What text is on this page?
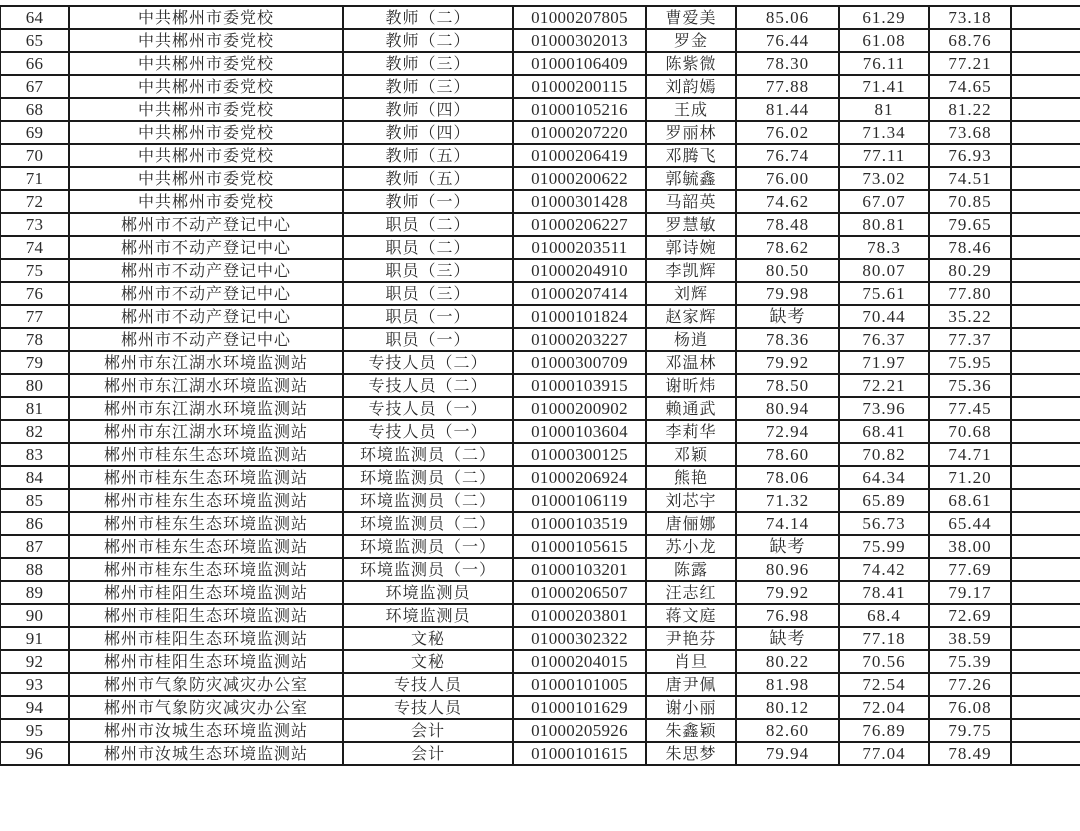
64	中共郴州市委党校	教师（二）	01000207805	曹爱美	85.06	61.29	73.18	
65	中共郴州市委党校	教师（二）	01000302013	罗金	76.44	61.08	68.76	
66	中共郴州市委党校	教师（三）	01000106409	陈紫微	78.30	76.11	77.21	
67	中共郴州市委党校	教师（三）	01000200115	刘韵嫣	77.88	71.41	74.65	
68	中共郴州市委党校	教师（四）	01000105216	王成	81.44	81	81.22	
69	中共郴州市委党校	教师（四）	01000207220	罗丽林	76.02	71.34	73.68	
70	中共郴州市委党校	教师（五）	01000206419	邓腾飞	76.74	77.11	76.93	
71	中共郴州市委党校	教师（五）	01000200622	郭毓鑫	76.00	73.02	74.51	
72	中共郴州市委党校	教师（一）	01000301428	马韶英	74.62	67.07	70.85	
73	郴州市不动产登记中心	职员（二）	01000206227	罗慧敏	78.48	80.81	79.65	
74	郴州市不动产登记中心	职员（二）	01000203511	郭诗婉	78.62	78.3	78.46	
75	郴州市不动产登记中心	职员（三）	01000204910	李凯辉	80.50	80.07	80.29	
76	郴州市不动产登记中心	职员（三）	01000207414	刘辉	79.98	75.61	77.80	
77	郴州市不动产登记中心	职员（一）	01000101824	赵家辉	缺考	70.44	35.22	
78	郴州市不动产登记中心	职员（一）	01000203227	杨逍	78.36	76.37	77.37	
79	郴州市东江湖水环境监测站	专技人员（二）	01000300709	邓温林	79.92	71.97	75.95	
80	郴州市东江湖水环境监测站	专技人员（二）	01000103915	谢昕炜	78.50	72.21	75.36	
81	郴州市东江湖水环境监测站	专技人员（一）	01000200902	赖通武	80.94	73.96	77.45	
82	郴州市东江湖水环境监测站	专技人员（一）	01000103604	李莉华	72.94	68.41	70.68	
83	郴州市桂东生态环境监测站	环境监测员（二）	01000300125	邓颖	78.60	70.82	74.71	
84	郴州市桂东生态环境监测站	环境监测员（二）	01000206924	熊艳	78.06	64.34	71.20	
85	郴州市桂东生态环境监测站	环境监测员（二）	01000106119	刘芯宇	71.32	65.89	68.61	
86	郴州市桂东生态环境监测站	环境监测员（二）	01000103519	唐俪娜	74.14	56.73	65.44	
87	郴州市桂东生态环境监测站	环境监测员（一）	01000105615	苏小龙	缺考	75.99	38.00	
88	郴州市桂东生态环境监测站	环境监测员（一）	01000103201	陈露	80.96	74.42	77.69	
89	郴州市桂阳生态环境监测站	环境监测员	01000206507	汪志红	79.92	78.41	79.17	
90	郴州市桂阳生态环境监测站	环境监测员	01000203801	蒋文庭	76.98	68.4	72.69	
91	郴州市桂阳生态环境监测站	文秘	01000302322	尹艳芬	缺考	77.18	38.59	
92	郴州市桂阳生态环境监测站	文秘	01000204015	肖旦	80.22	70.56	75.39	
93	郴州市气象防灾减灾办公室	专技人员	01000101005	唐尹佩	81.98	72.54	77.26	
94	郴州市气象防灾减灾办公室	专技人员	01000101629	谢小丽	80.12	72.04	76.08	
95	郴州市汝城生态环境监测站	会计	01000205926	朱鑫颖	82.60	76.89	79.75	
96	郴州市汝城生态环境监测站	会计	01000101615	朱思梦	79.94	77.04	78.49	
